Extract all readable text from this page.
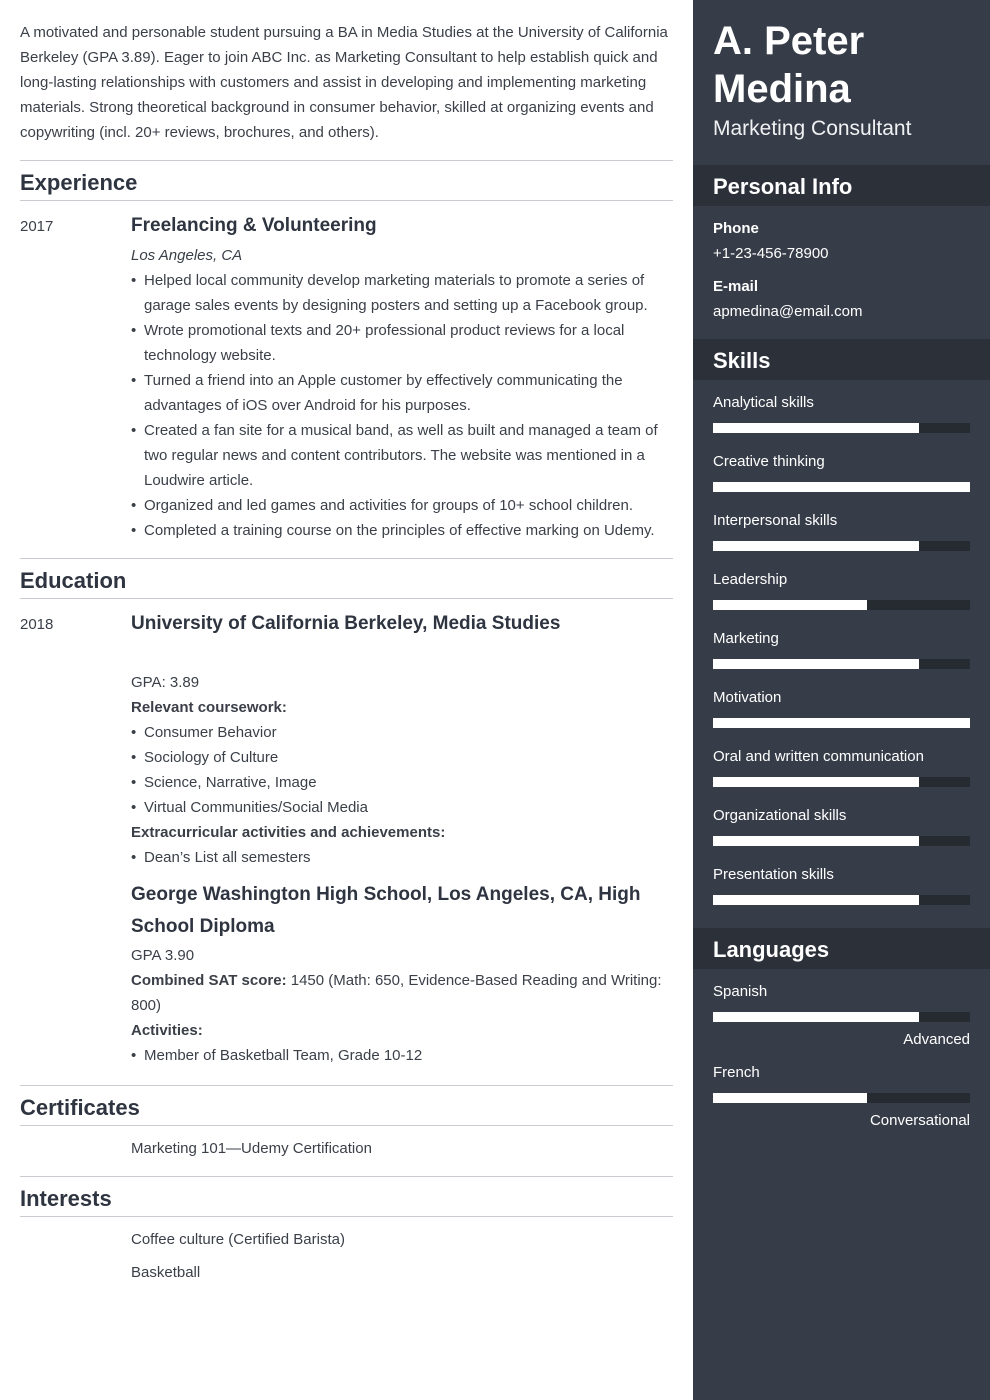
A motivated and personable student pursuing a BA in Media Studies at the University of California Berkeley (GPA 3.89). Eager to join ABC Inc. as Marketing Consultant to help establish quick and long-lasting relationships with customers and assist in developing and implementing marketing materials. Strong theoretical background in consumer behavior, skilled at organizing events and copywriting (incl. 20+ reviews, brochures, and others).

Experience
2017	Freelancing & Volunteering
Los Angeles, CA
• Helped local community develop marketing materials to promote a series of garage sales events by designing posters and setting up a Facebook group.
• Wrote promotional texts and 20+ professional product reviews for a local technology website.
• Turned a friend into an Apple customer by effectively communicating the advantages of iOS over Android for his purposes.
• Created a fan site for a musical band, as well as built and managed a team of two regular news and content contributors. The website was mentioned in a Loudwire article.
• Organized and led games and activities for groups of 10+ school children.
• Completed a training course on the principles of effective marking on Udemy.
Education
2018	University of California Berkeley, Media Studies
GPA: 3.89
Relevant coursework:
• Consumer Behavior
• Sociology of Culture
• Science, Narrative, Image
• Virtual Communities/Social Media
Extracurricular activities and achievements:
• Dean’s List all semesters
George Washington High School, Los Angeles, CA, High School Diploma
GPA 3.90
Combined SAT score: 1450 (Math: 650, Evidence-Based Reading and Writing: 800)
Activities:
• Member of Basketball Team, Grade 10-12
Certificates
Marketing 101—Udemy Certification
Interests
Coffee culture (Certified Barista)
Basketball
A. Peter Medina
Marketing Consultant
Personal Info
Phone
+1-23-456-78900
E-mail
apmedina@email.com
Skills
Analytical skills
Creative thinking
Interpersonal skills
Leadership
Marketing
Motivation
Oral and written communication
Organizational skills
Presentation skills
Languages
Spanish
Advanced
French
Conversational
